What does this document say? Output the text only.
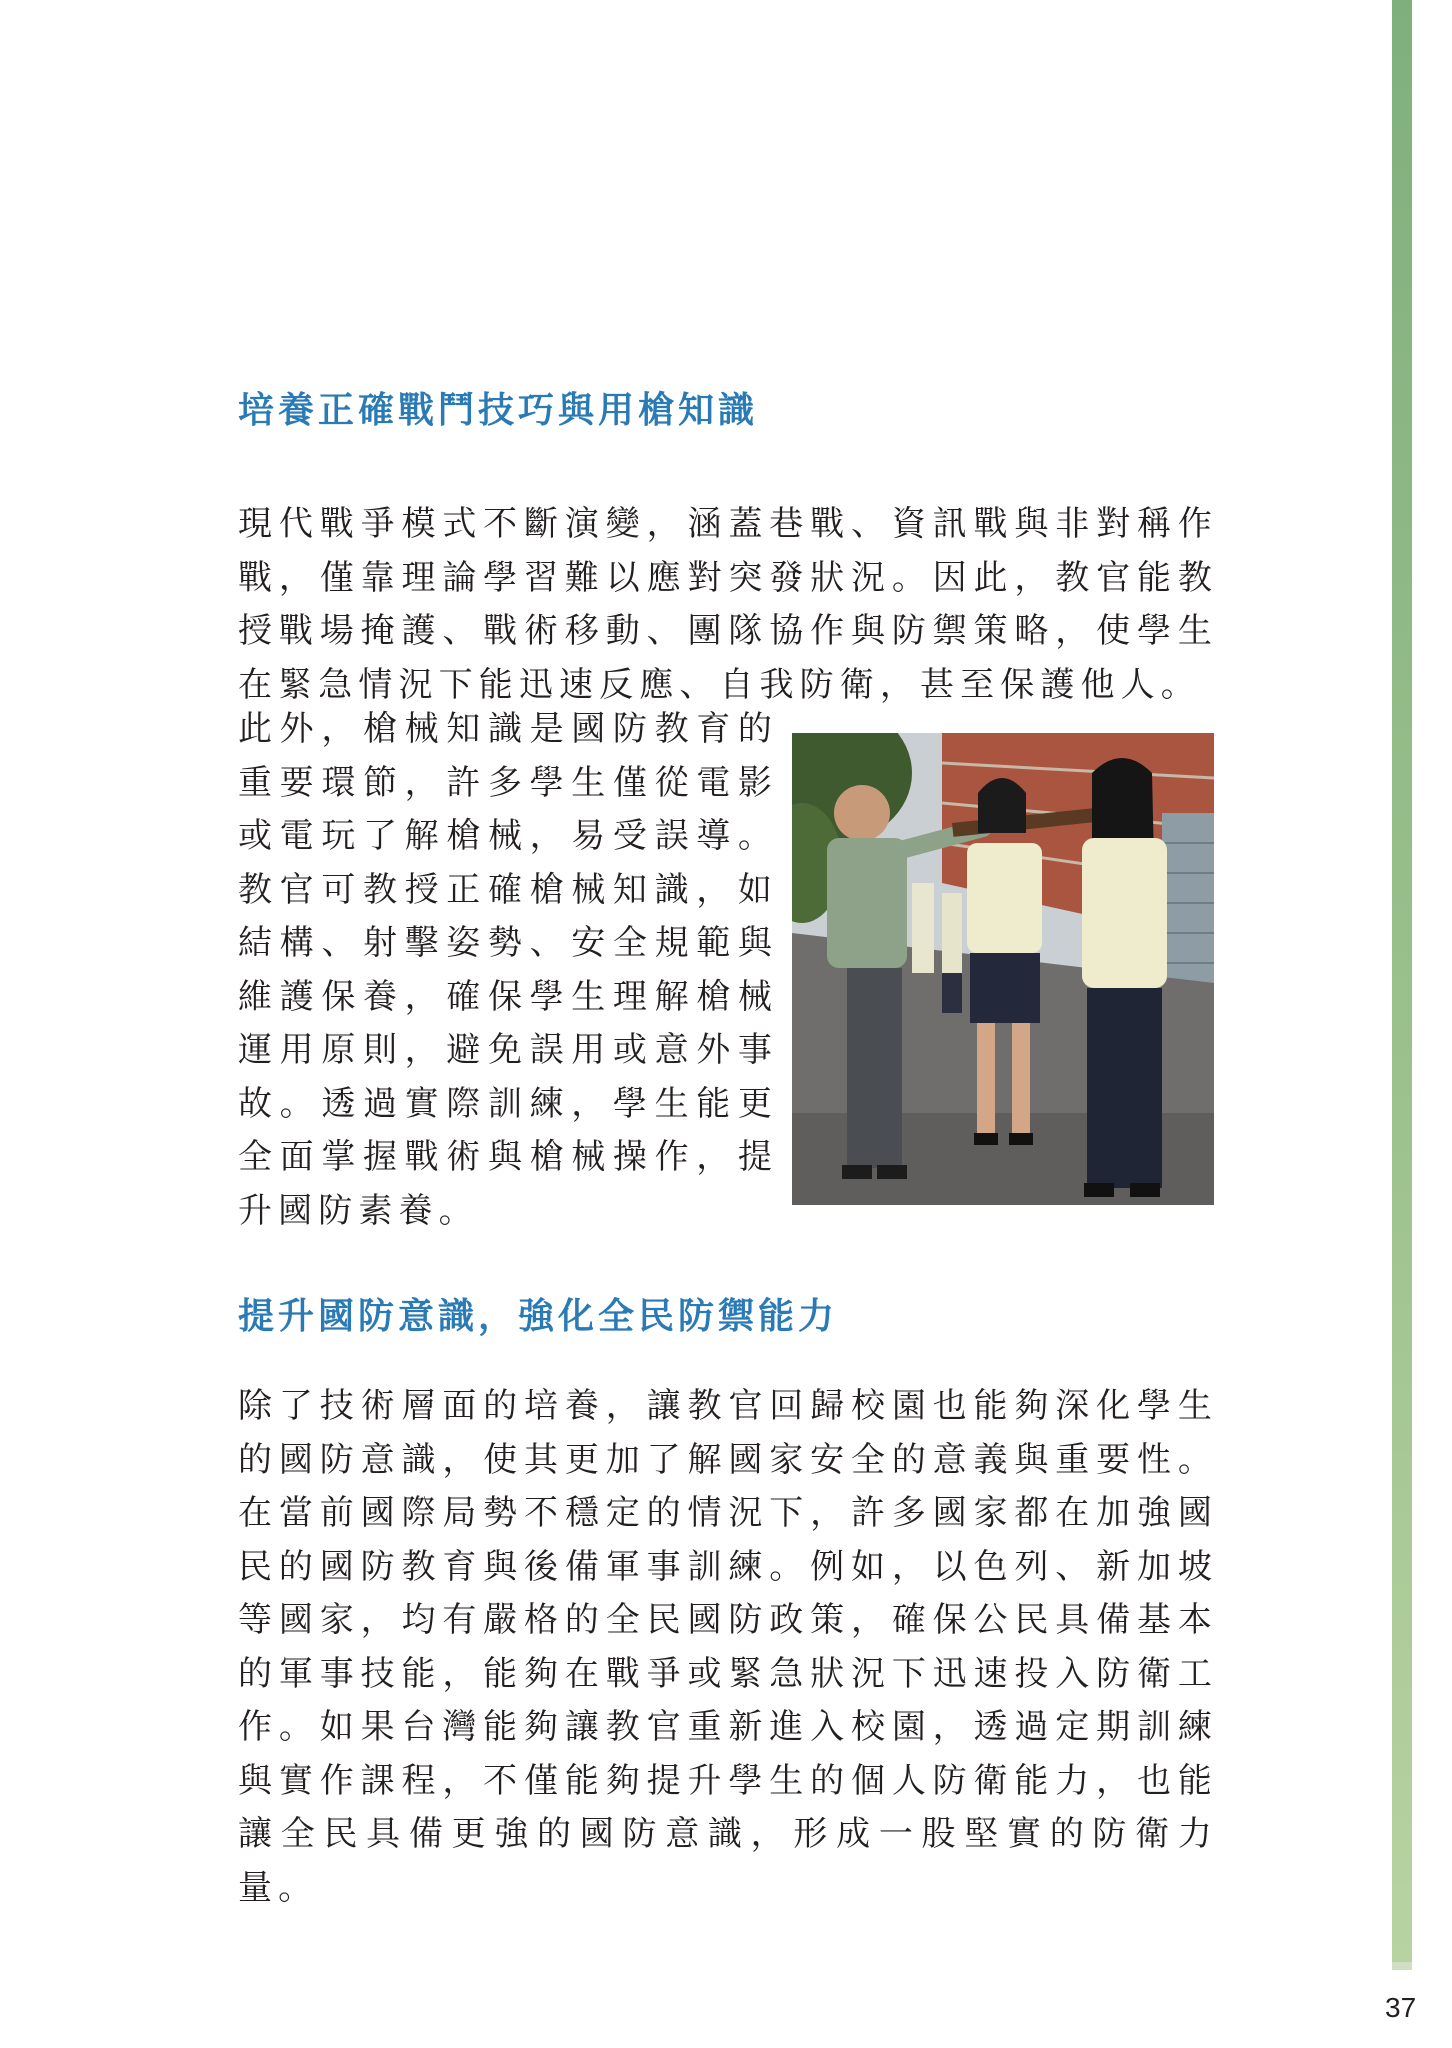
培養正確戰鬥技巧與用槍知識

現代戰爭模式不斷演變，涵蓋巷戰、資訊戰與非對稱作戰，僅靠理論學習難以應對突發狀況。因此，教官能教授戰場掩護、戰術移動、團隊協作與防禦策略，使學生在緊急情況下能迅速反應、自我防衛，甚至保護他人。

此外，槍械知識是國防教育的重要環節，許多學生僅從電影或電玩了解槍械，易受誤導。教官可教授正確槍械知識，如結構、射擊姿勢、安全規範與維護保養，確保學生理解槍械運用原則，避免誤用或意外事故。透過實際訓練，學生能更全面掌握戰術與槍械操作，提升國防素養。

提升國防意識，強化全民防禦能力

除了技術層面的培養，讓教官回歸校園也能夠深化學生的國防意識，使其更加了解國家安全的意義與重要性。在當前國際局勢不穩定的情況下，許多國家都在加強國民的國防教育與後備軍事訓練。例如，以色列、新加坡等國家，均有嚴格的全民國防政策，確保公民具備基本的軍事技能，能夠在戰爭或緊急狀況下迅速投入防衛工作。如果台灣能夠讓教官重新進入校園，透過定期訓練與實作課程，不僅能夠提升學生的個人防衛能力，也能讓全民具備更強的國防意識，形成一股堅實的防衛力量。

37
